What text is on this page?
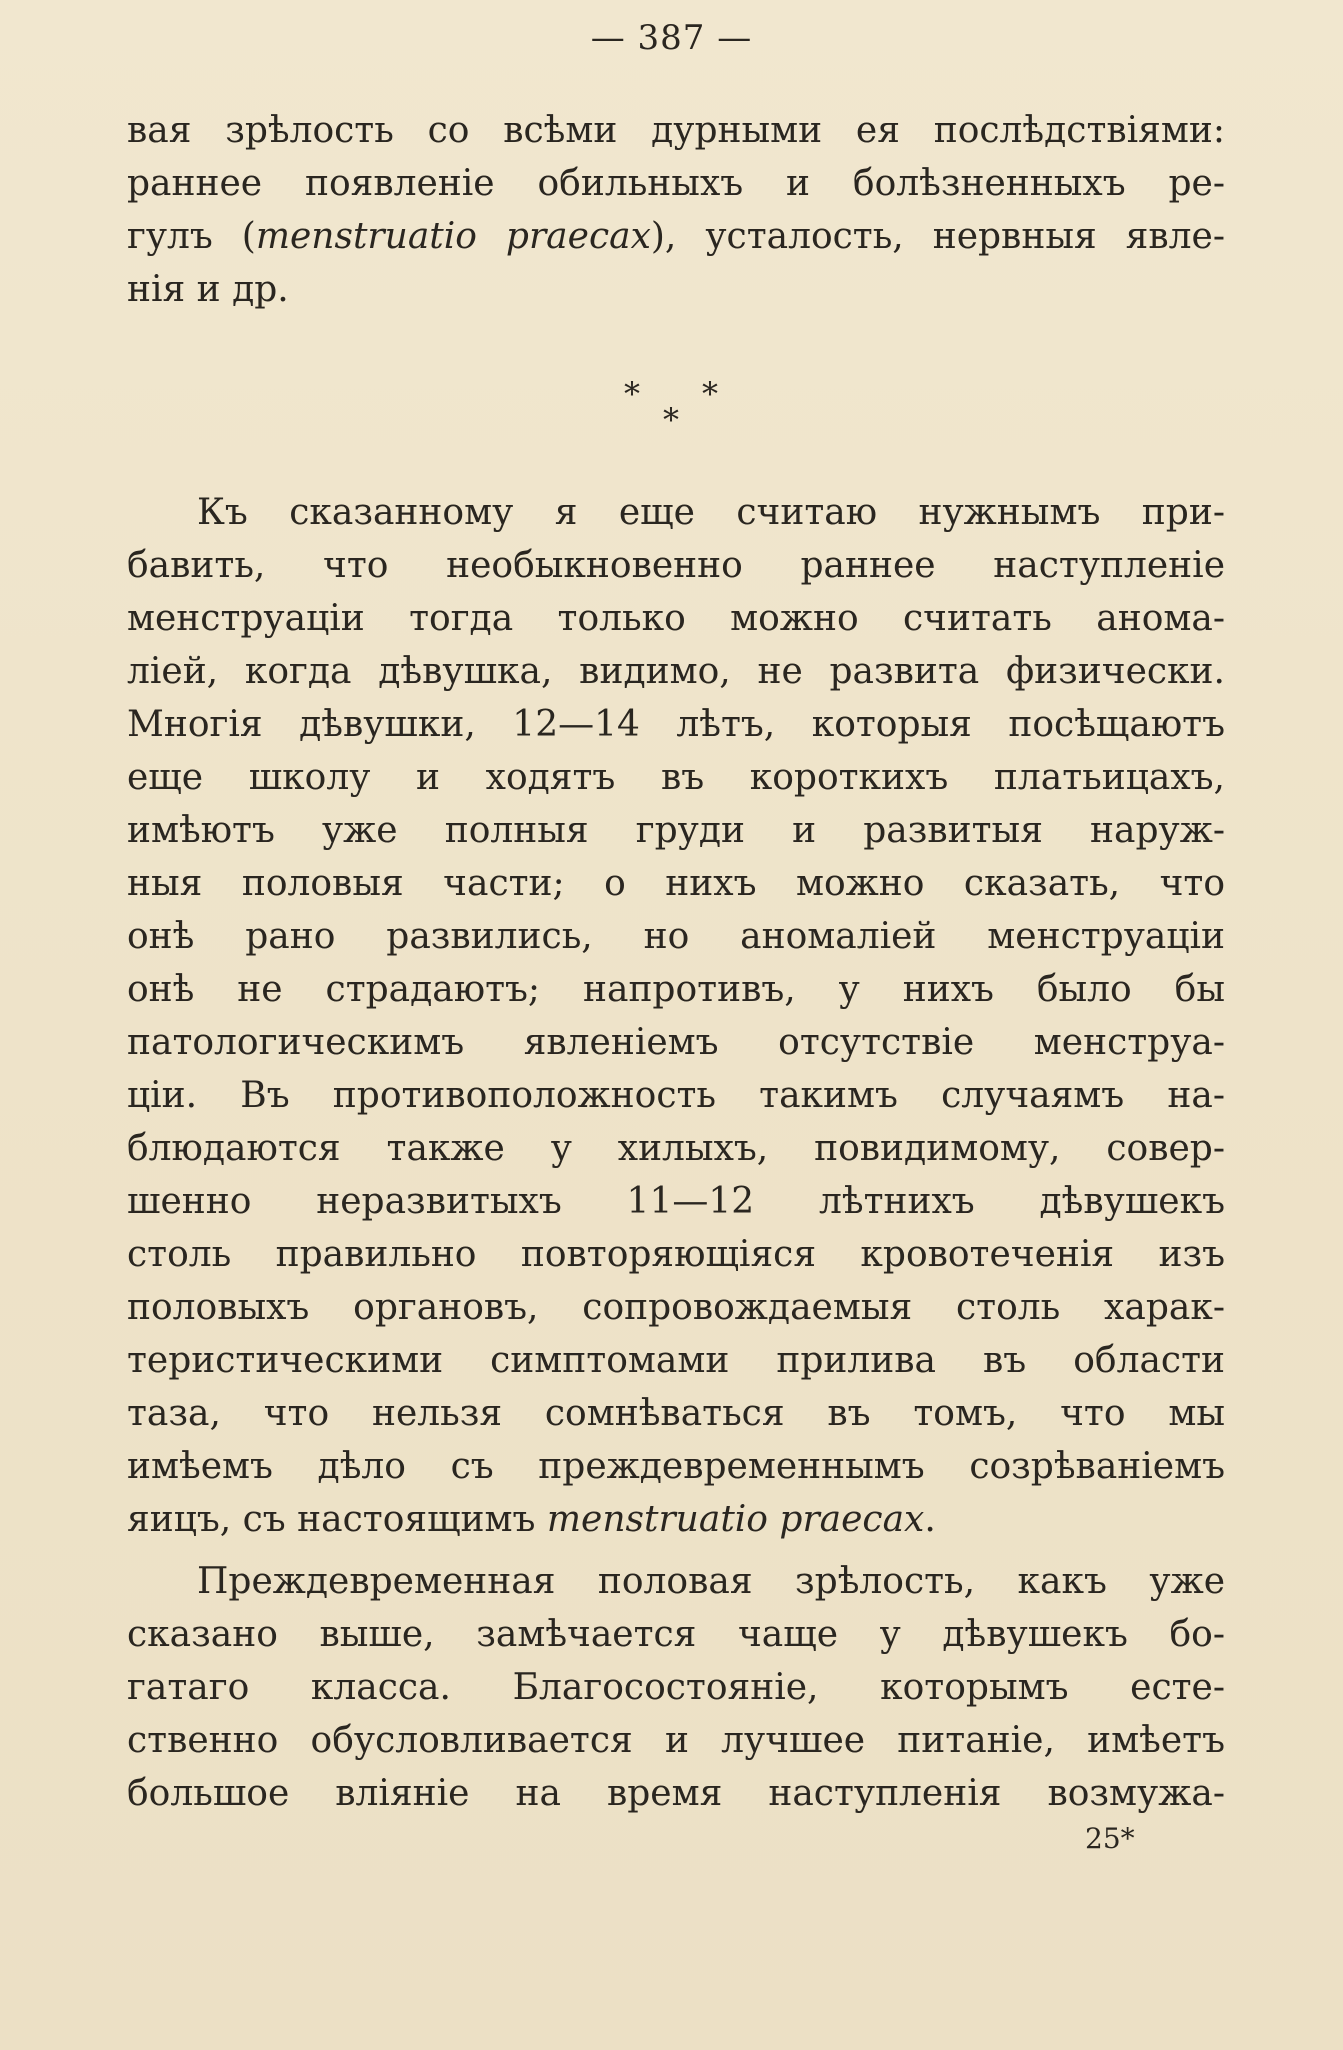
— 387 —
вая зрѣлость со всѣми дурными ея послѣдствіями:
раннее появленіе обильныхъ и болѣзненныхъ ре-
гулъ (menstruatio praecax), усталость, нервныя явле-
нія и др.
* *
*
Къ сказанному я еще считаю нужнымъ при-
бавить, что необыкновенно раннее наступленіе
менструаціи тогда только можно считать анома-
ліей, когда дѣвушка, видимо, не развита физически.
Многія дѣвушки, 12—14 лѣтъ, которыя посѣщаютъ
еще школу и ходятъ въ короткихъ платьицахъ,
имѣютъ уже полныя груди и развитыя наруж-
ныя половыя части; о нихъ можно сказать, что
онѣ рано развились, но аномаліей менструаціи
онѣ не страдаютъ; напротивъ, у нихъ было бы
патологическимъ явленіемъ отсутствіе менструа-
ціи. Въ противоположность такимъ случаямъ на-
блюдаются также у хилыхъ, повидимому, совер-
шенно неразвитыхъ 11—12 лѣтнихъ дѣвушекъ
столь правильно повторяющіяся кровотеченія изъ
половыхъ органовъ, сопровождаемыя столь харак-
теристическими симптомами прилива въ области
таза, что нельзя сомнѣваться въ томъ, что мы
имѣемъ дѣло съ преждевременнымъ созрѣваніемъ
яицъ, съ настоящимъ menstruatio praecax.
Преждевременная половая зрѣлость, какъ уже
сказано выше, замѣчается чаще у дѣвушекъ бо-
гатаго класса. Благосостояніе, которымъ есте-
ственно обусловливается и лучшее питаніе, имѣетъ
большое вліяніе на время наступленія возмужа-
25*
